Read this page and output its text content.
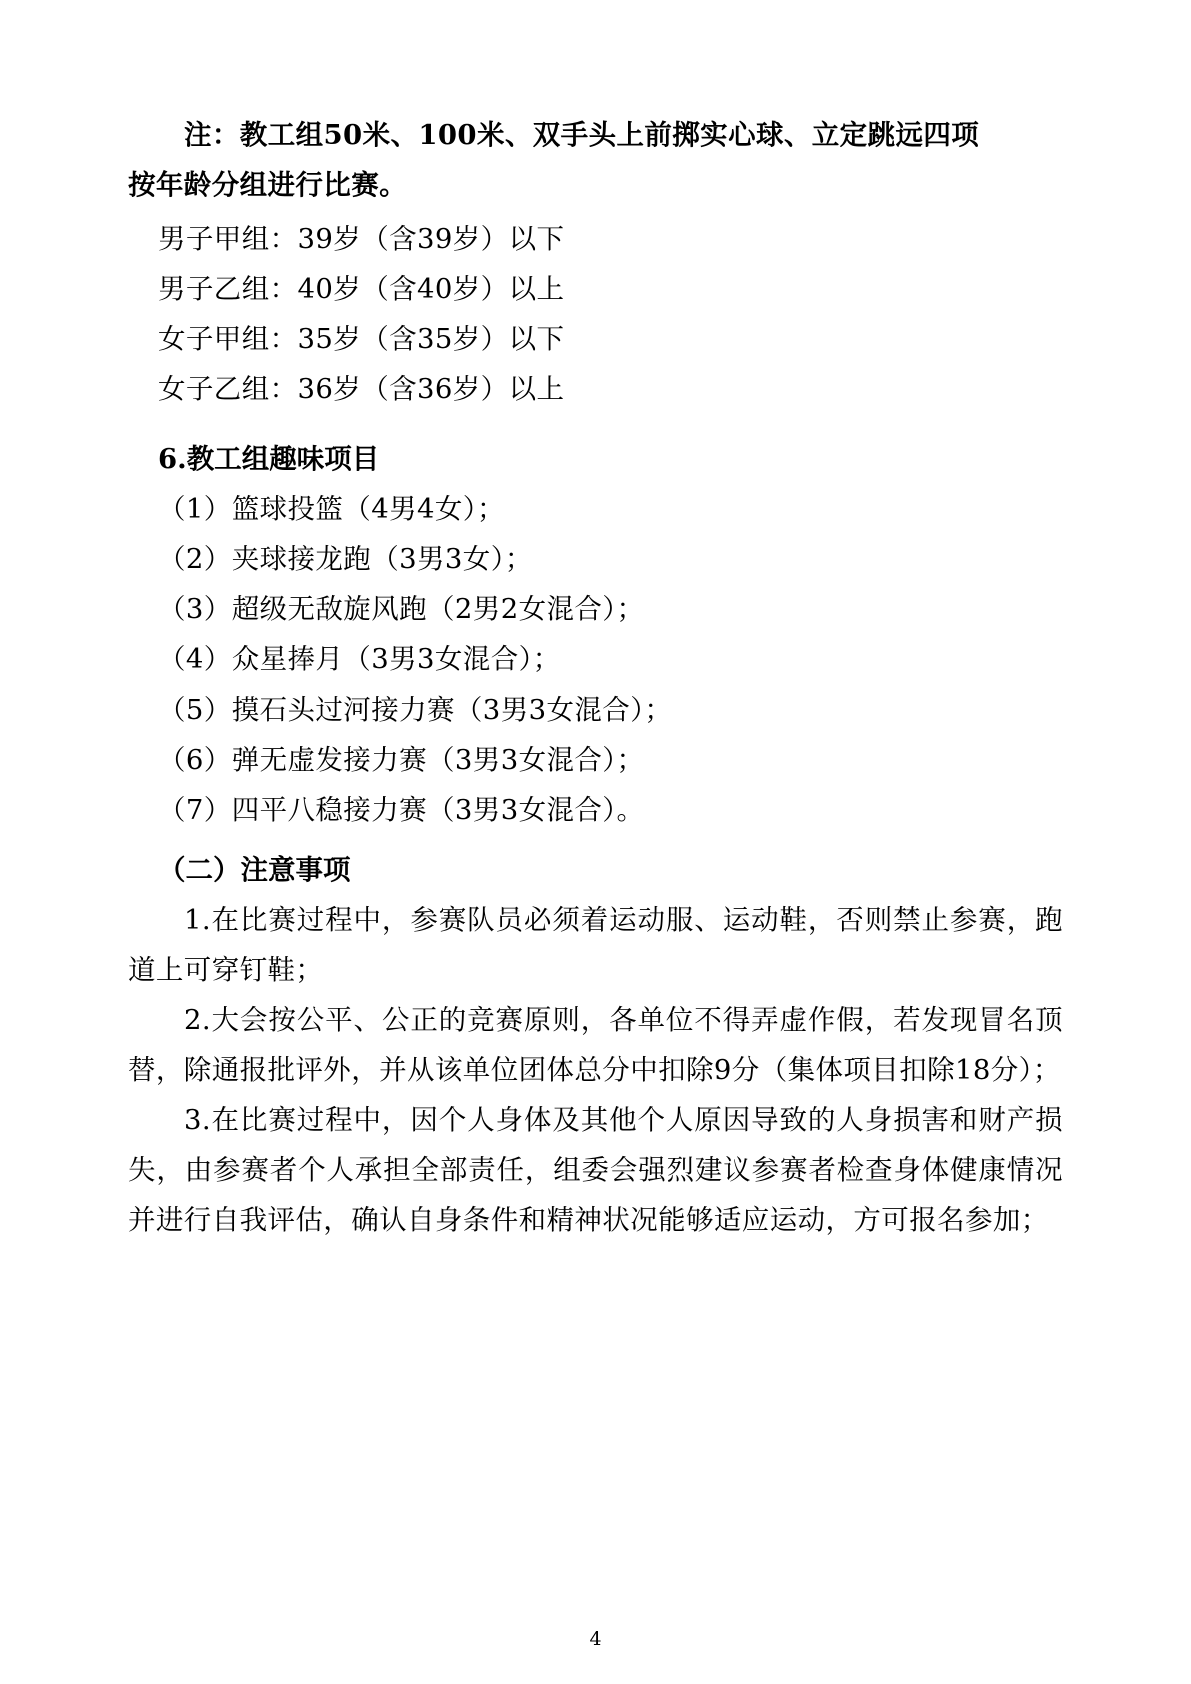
注：教工组50米、100米、双手头上前掷实心球、立定跳远四项
按年龄分组进行比赛。
男子甲组：39岁（含39岁）以下
男子乙组：40岁（含40岁）以上
女子甲组：35岁（含35岁）以下
女子乙组：36岁（含36岁）以上
6.教工组趣味项目
（1）篮球投篮（4男4女）；
（2）夹球接龙跑（3男3女）；
（3）超级无敌旋风跑（2男2女混合）；
（4）众星捧月（3男3女混合）；
（5）摸石头过河接力赛（3男3女混合）；
（6）弹无虚发接力赛（3男3女混合）；
（7）四平八稳接力赛（3男3女混合）。
（二）注意事项
1.在比赛过程中，参赛队员必须着运动服、运动鞋，否则禁止参赛，跑道上可穿钉鞋；
2.大会按公平、公正的竞赛原则，各单位不得弄虚作假，若发现冒名顶替，除通报批评外，并从该单位团体总分中扣除9分（集体项目扣除18分）；
3.在比赛过程中，因个人身体及其他个人原因导致的人身损害和财产损失，由参赛者个人承担全部责任，组委会强烈建议参赛者检查身体健康情况并进行自我评估，确认自身条件和精神状况能够适应运动，方可报名参加；
4
